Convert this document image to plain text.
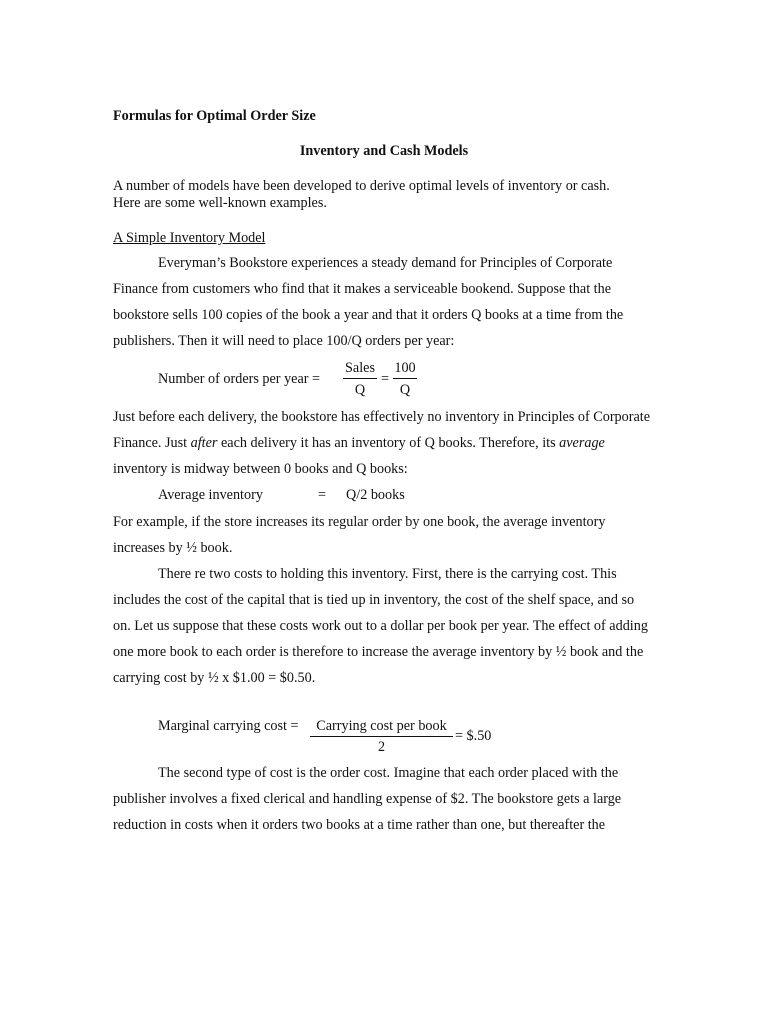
Formulas for Optimal Order Size
Inventory and Cash Models
A number of models have been developed to derive optimal levels of inventory or cash.
Here are some well-known examples.
A Simple Inventory Model

Everyman’s Bookstore experiences a steady demand for Principles of Corporate Finance from customers who find that it makes a serviceable bookend. Suppose that the bookstore sells 100 copies of the book a year and that it orders Q books at a time from the publishers. Then it will need to place 100/Q orders per year:

Number of orders per year =
Sales
Q
=
100
Q

Just before each delivery, the bookstore has effectively no inventory in Principles of Corporate Finance. Just after each delivery it has an inventory of Q books. Therefore, its average inventory is midway between 0 books and Q books:

Average inventory	= Q/2 books

For example, if the store increases its regular order by one book, the average inventory increases by ½ book.

There re two costs to holding this inventory. First, there is the carrying cost. This includes the cost of the capital that is tied up in inventory, the cost of the shelf space, and so on. Let us suppose that these costs work out to a dollar per book per year. The effect of adding one more book to each order is therefore to increase the average inventory by ½ book and the carrying cost by ½ x $1.00 = $0.50.

Marginal carrying cost =	Carrying cost per book
2
= $.50

The second type of cost is the order cost. Imagine that each order placed with the publisher involves a fixed clerical and handling expense of $2. The bookstore gets a large reduction in costs when it orders two books at a time rather than one, but thereafter the
